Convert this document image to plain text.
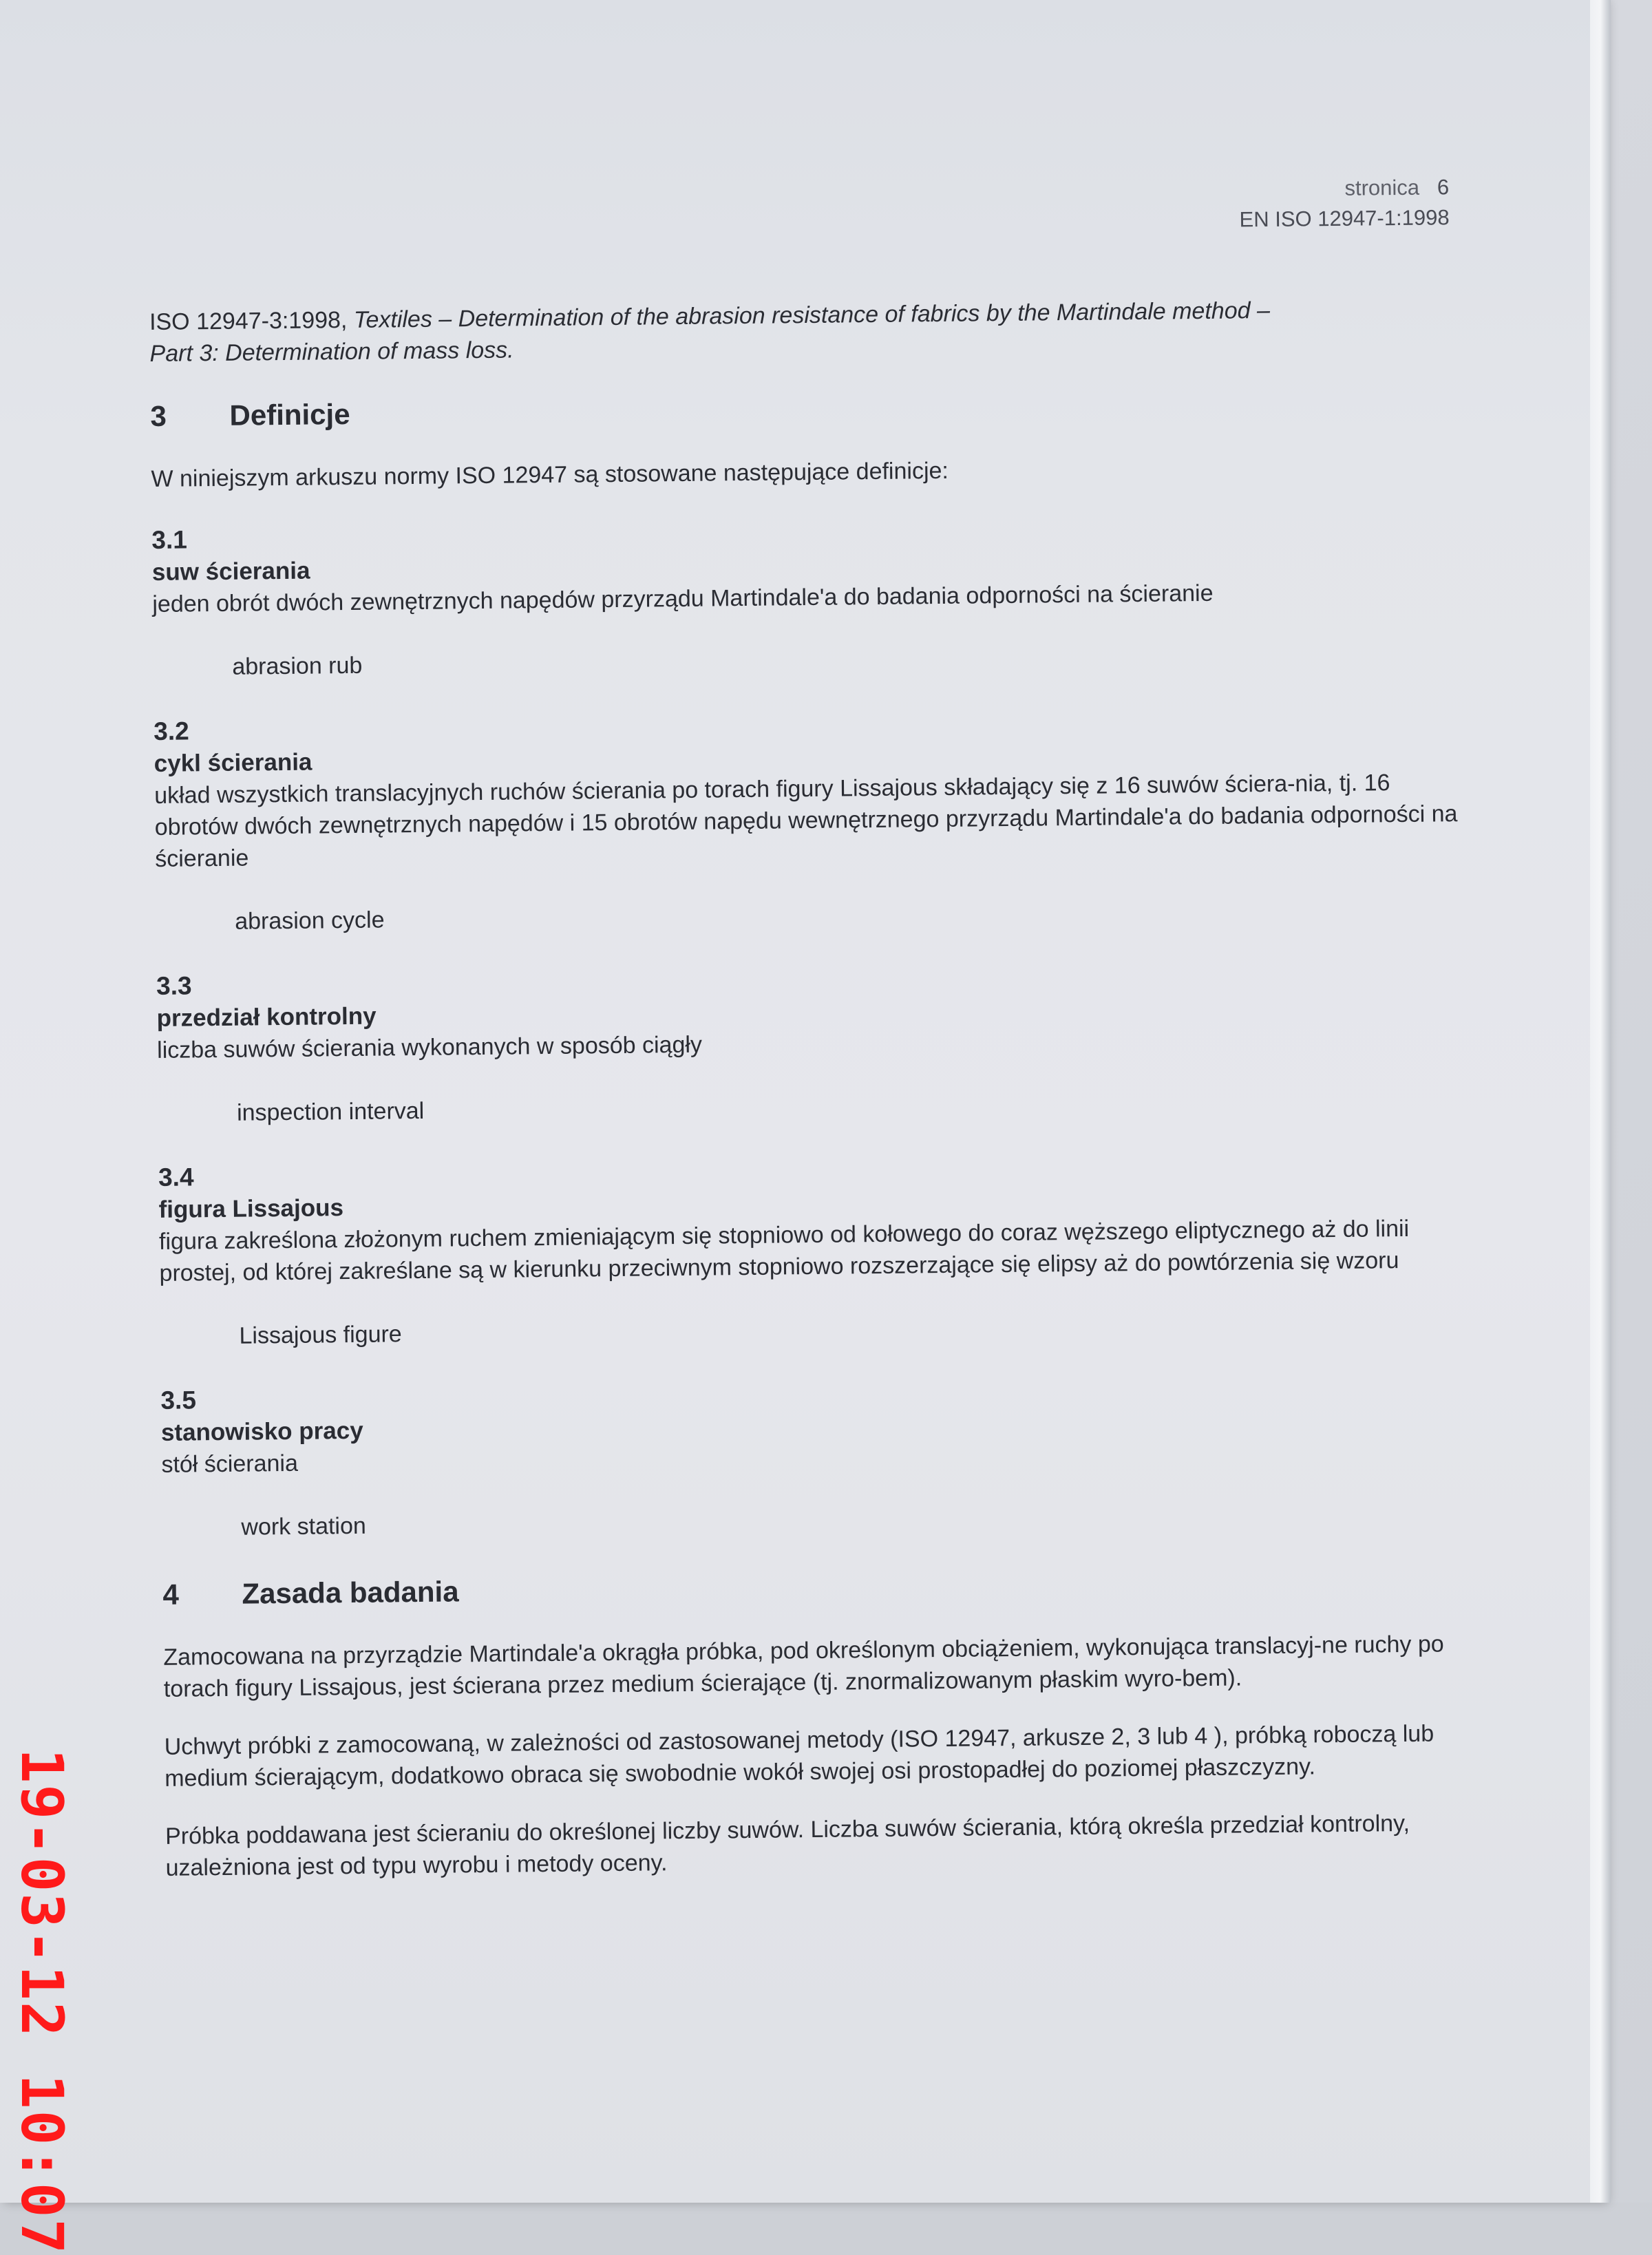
stronica 6
EN ISO 12947-1:1998

ISO 12947-3:1998, Textiles – Determination of the abrasion resistance of fabrics by the Martindale method –
Part 3: Determination of mass loss.

3 Definicje

W niniejszym arkuszu normy ISO 12947 są stosowane następujące definicje:

3.1
suw ścierania
jeden obrót dwóch zewnętrznych napędów przyrządu Martindale'a do badania odporności na ścieranie
abrasion rub
3.2
cykl ścierania
układ wszystkich translacyjnych ruchów ścierania po torach figury Lissajous składający się z 16 suwów ściera-nia, tj. 16 obrotów dwóch zewnętrznych napędów i 15 obrotów napędu wewnętrznego przyrządu Martindale'a do badania odporności na ścieranie
abrasion cycle
3.3
przedział kontrolny
liczba suwów ścierania wykonanych w sposób ciągły
inspection interval
3.4
figura Lissajous
figura zakreślona złożonym ruchem zmieniającym się stopniowo od kołowego do coraz węższego eliptycznego aż do linii prostej, od której zakreślane są w kierunku przeciwnym stopniowo rozszerzające się elipsy aż do powtórzenia się wzoru
Lissajous figure
3.5
stanowisko pracy
stół ścierania
work station
4 Zasada badania

Zamocowana na przyrządzie Martindale'a okrągła próbka, pod określonym obciążeniem, wykonująca translacyj-ne ruchy po torach figury Lissajous, jest ścierana przez medium ścierające (tj. znormalizowanym płaskim wyro-bem).

Uchwyt próbki z zamocowaną, w zależności od zastosowanej metody (ISO 12947, arkusze 2, 3 lub 4 ), próbką roboczą lub medium ścierającym, dodatkowo obraca się swobodnie wokół swojej osi prostopadłej do poziomej płaszczyzny.

Próbka poddawana jest ścieraniu do określonej liczby suwów. Liczba suwów ścierania, którą określa przedział kontrolny, uzależniona jest od typu wyrobu i metody oceny.

19-03-12 10:07
